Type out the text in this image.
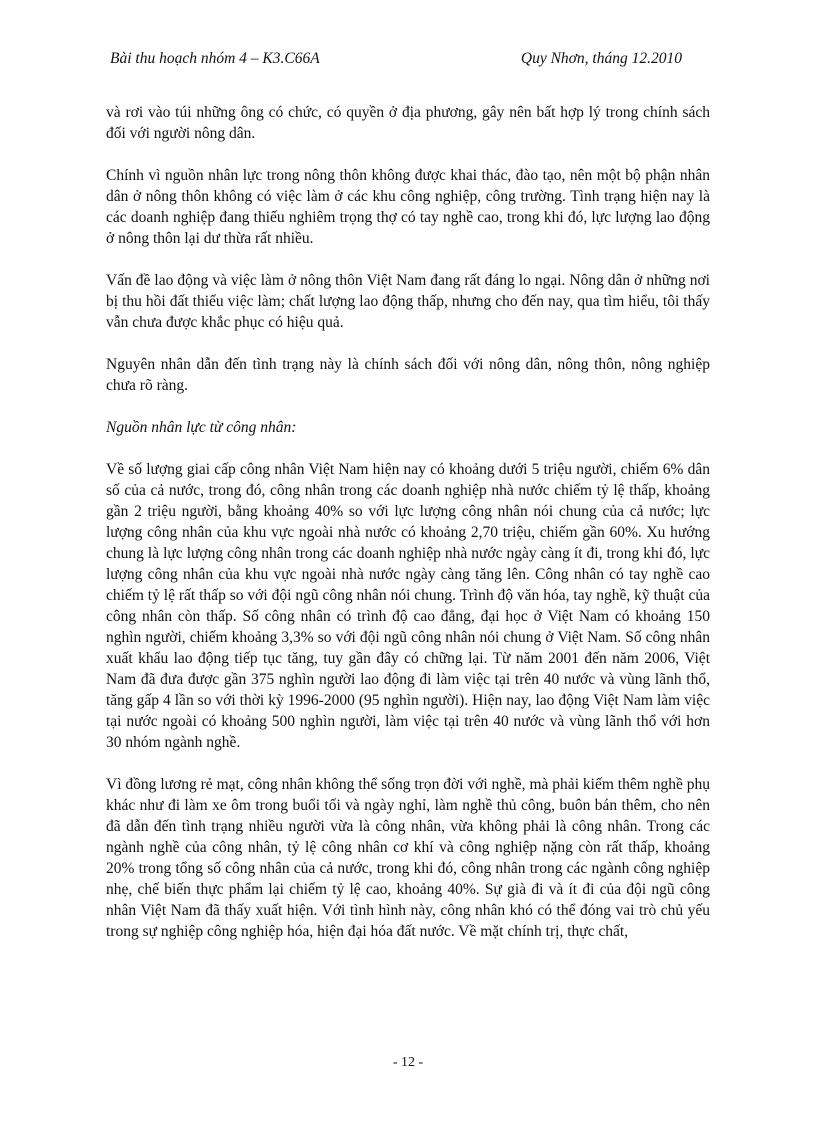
Bài thu hoạch nhóm 4 – K3.C66A	Quy Nhơn, tháng 12.2010

và rơi vào túi những ông có chức, có quyền ở địa phương, gây nên bất hợp lý trong chính sách đối với người nông dân.

Chính vì nguồn nhân lực trong nông thôn không được khai thác, đào tạo, nên một bộ phận nhân dân ở nông thôn không có việc làm ở các khu công nghiệp, công trường. Tình trạng hiện nay là các doanh nghiệp đang thiếu nghiêm trọng thợ có tay nghề cao, trong khi đó, lực lượng lao động ở nông thôn lại dư thừa rất nhiều.

Vấn đề lao động và việc làm ở nông thôn Việt Nam đang rất đáng lo ngại. Nông dân ở những nơi bị thu hồi đất thiếu việc làm; chất lượng lao động thấp, nhưng cho đến nay, qua tìm hiểu, tôi thấy vẫn chưa được khắc phục có hiệu quả.

Nguyên nhân dẫn đến tình trạng này là chính sách đối với nông dân, nông thôn, nông nghiệp chưa rõ ràng.

Nguồn nhân lực từ công nhân:

Về số lượng giai cấp công nhân Việt Nam hiện nay có khoảng dưới 5 triệu người, chiếm 6% dân số của cả nước, trong đó, công nhân trong các doanh nghiệp nhà nước chiếm tỷ lệ thấp, khoảng gần 2 triệu người, bằng khoảng 40% so với lực lượng công nhân nói chung của cả nước; lực lượng công nhân của khu vực ngoài nhà nước có khoảng 2,70 triệu, chiếm gần 60%. Xu hướng chung là lực lượng công nhân trong các doanh nghiệp nhà nước ngày càng ít đi, trong khi đó, lực lượng công nhân của khu vực ngoài nhà nước ngày càng tăng lên. Công nhân có tay nghề cao chiếm tỷ lệ rất thấp so với đội ngũ công nhân nói chung. Trình độ văn hóa, tay nghề, kỹ thuật của công nhân còn thấp. Số công nhân có trình độ cao đẳng, đại học ở Việt Nam có khoảng 150 nghìn người, chiếm khoảng 3,3% so với đội ngũ công nhân nói chung ở Việt Nam. Số công nhân xuất khẩu lao động tiếp tục tăng, tuy gần đây có chững lại. Từ năm 2001 đến năm 2006, Việt Nam đã đưa được gần 375 nghìn người lao động đi làm việc tại trên 40 nước và vùng lãnh thổ, tăng gấp 4 lần so với thời kỳ 1996-2000 (95 nghìn người). Hiện nay, lao động Việt Nam làm việc tại nước ngoài có khoảng 500 nghìn người, làm việc tại trên 40 nước và vùng lãnh thổ với hơn 30 nhóm ngành nghề.

Vì đồng lương rẻ mạt, công nhân không thể sống trọn đời với nghề, mà phải kiếm thêm nghề phụ khác như đi làm xe ôm trong buổi tối và ngày nghỉ, làm nghề thủ công, buôn bán thêm, cho nên đã dẫn đến tình trạng nhiều người vừa là công nhân, vừa không phải là công nhân. Trong các ngành nghề của công nhân, tỷ lệ công nhân cơ khí và công nghiệp nặng còn rất thấp, khoảng 20% trong tổng số công nhân của cả nước, trong khi đó, công nhân trong các ngành công nghiệp nhẹ, chế biến thực phẩm lại chiếm tỷ lệ cao, khoảng 40%. Sự già đi và ít đi của đội ngũ công nhân Việt Nam đã thấy xuất hiện. Với tình hình này, công nhân khó có thể đóng vai trò chủ yếu trong sự nghiệp công nghiệp hóa, hiện đại hóa đất nước. Về mặt chính trị, thực chất,

- 12 -
